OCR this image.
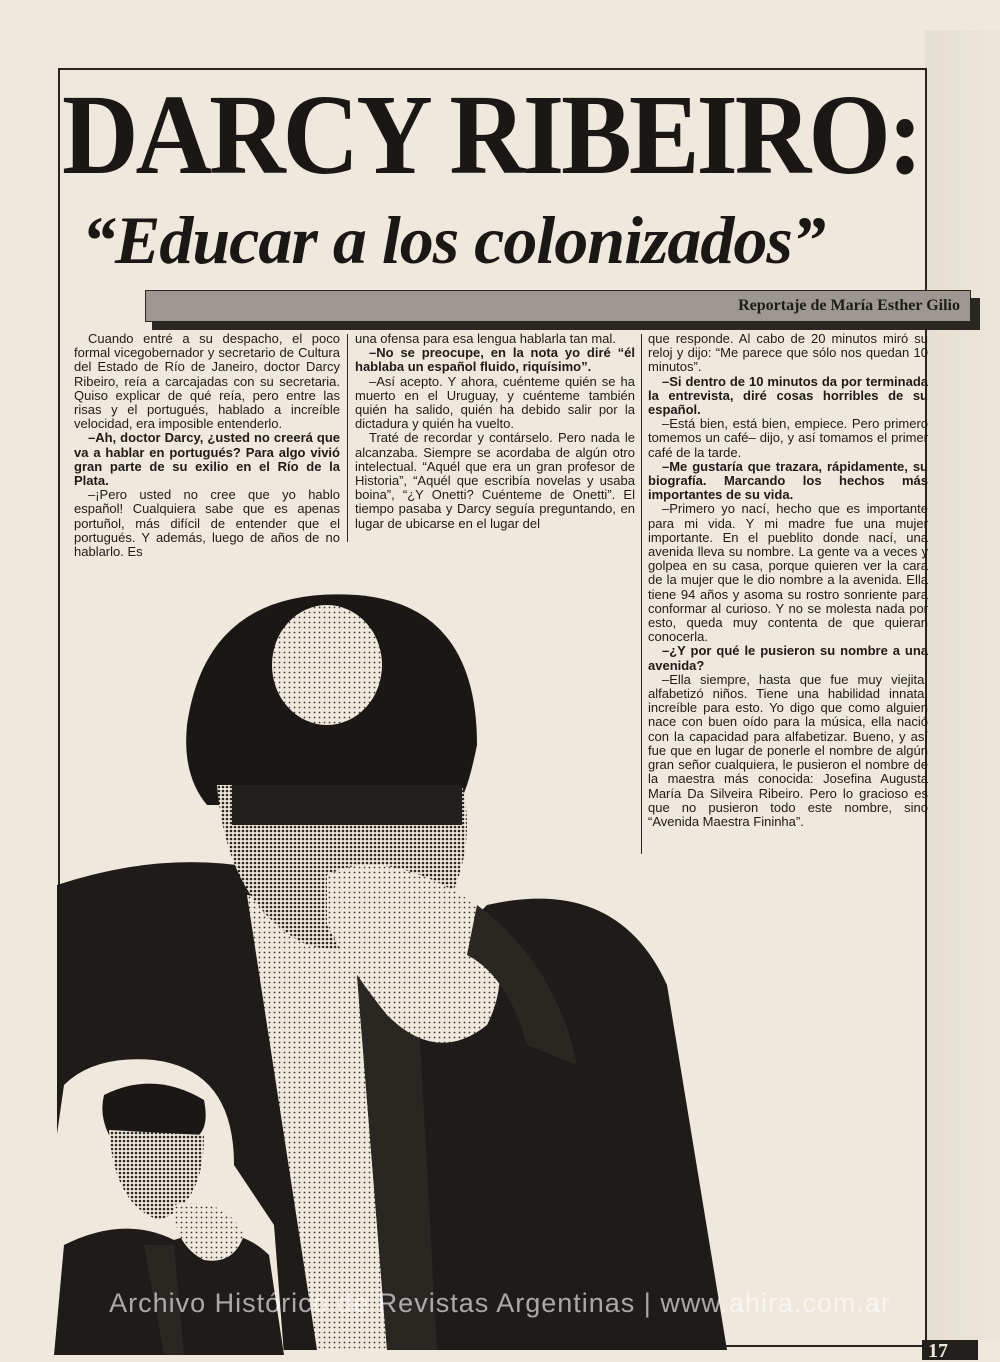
DARCY RIBEIRO:
“Educar a los colonizados”
Reportaje de María Esther Gilio

Cuando entré a su despacho, el poco formal vicegobernador y secretario de Cultura del Estado de Río de Janeiro, doctor Darcy Ribeiro, reía a carcajadas con su secretaria. Quiso explicar de qué reía, pero entre las risas y el portugués, hablado a increíble velocidad, era imposible entenderlo.

–Ah, doctor Darcy, ¿usted no creerá que va a hablar en portugués? Para algo vivió gran parte de su exilio en el Río de la Plata.

–¡Pero usted no cree que yo hablo español! Cualquiera sabe que es apenas portuñol, más difícil de entender que el portugués. Y además, luego de años de no hablarlo. Es

una ofensa para esa lengua hablarla tan mal.

–No se preocupe, en la nota yo diré “él hablaba un español fluido, riquísimo”.

–Así acepto. Y ahora, cuénteme quién se ha muerto en el Uruguay, y cuénteme también quién ha salido, quién ha debido salir por la dictadura y quién ha vuelto.

Traté de recordar y contárselo. Pero nada le alcanzaba. Siempre se acordaba de algún otro intelectual. “Aquél que era un gran profesor de Historia”, “Aquél que escribía novelas y usaba boina”, “¿Y Onetti? Cuénteme de Onetti”. El tiempo pasaba y Darcy seguía preguntando, en lugar de ubicarse en el lugar del

que responde. Al cabo de 20 minutos miró su reloj y dijo: “Me parece que sólo nos quedan 10 minutos”.

–Si dentro de 10 minutos da por terminada la entrevista, diré cosas horribles de su español.

–Está bien, está bien, empiece. Pero primero tomemos un café– dijo, y así tomamos el primer café de la tarde.

–Me gustaría que trazara, rápidamente, su biografía. Marcando los hechos más importantes de su vida.

–Primero yo nací, hecho que es importante para mi vida. Y mi madre fue una mujer importante. En el pueblito donde nací, una avenida lleva su nombre. La gente va a veces y golpea en su casa, porque quieren ver la cara de la mujer que le dio nombre a la avenida. Ella tiene 94 años y asoma su rostro sonriente para conformar al curioso. Y no se molesta nada por esto, queda muy contenta de que quieran conocerla.

–¿Y por qué le pusieron su nombre a una avenida?

–Ella siempre, hasta que fue muy viejita, alfabetizó niños. Tiene una habilidad innata, increíble para esto. Yo digo que como alguien nace con buen oído para la música, ella nació con la capacidad para alfabetizar. Bueno, y así fue que en lugar de ponerle el nombre de algún gran señor cualquiera, le pusieron el nombre de la maestra más conocida: Josefina Augusta María Da Silveira Ribeiro. Pero lo gracioso es que no pusieron todo este nombre, sino “Avenida Maestra Fininha”.

Archivo Histórico de Revistas Argentinas | www.ahira.com.ar
17
